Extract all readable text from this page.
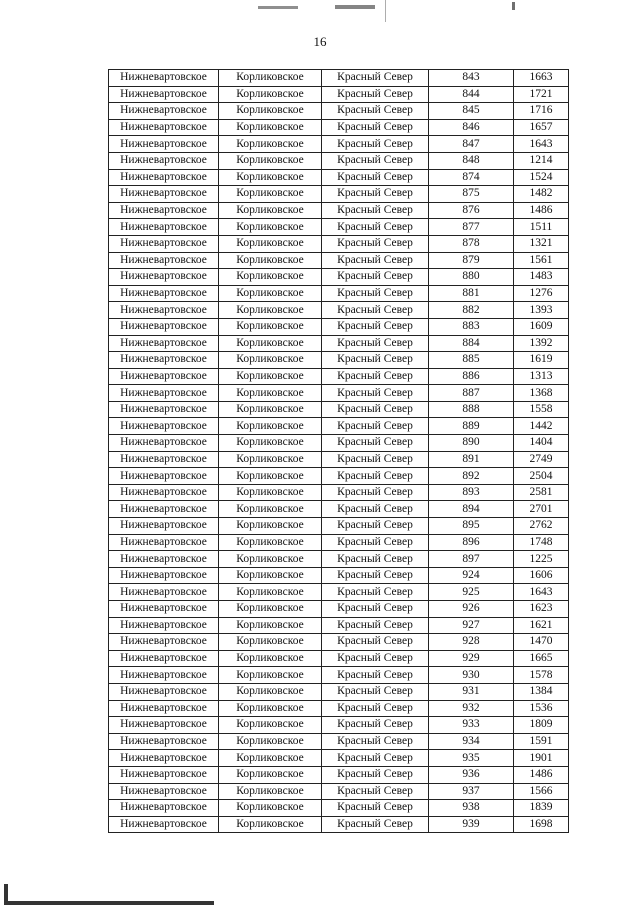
16
Нижневартовское	Корликовское	Красный Север	843	1663
Нижневартовское	Корликовское	Красный Север	844	1721
Нижневартовское	Корликовское	Красный Север	845	1716
Нижневартовское	Корликовское	Красный Север	846	1657
Нижневартовское	Корликовское	Красный Север	847	1643
Нижневартовское	Корликовское	Красный Север	848	1214
Нижневартовское	Корликовское	Красный Север	874	1524
Нижневартовское	Корликовское	Красный Север	875	1482
Нижневартовское	Корликовское	Красный Север	876	1486
Нижневартовское	Корликовское	Красный Север	877	1511
Нижневартовское	Корликовское	Красный Север	878	1321
Нижневартовское	Корликовское	Красный Север	879	1561
Нижневартовское	Корликовское	Красный Север	880	1483
Нижневартовское	Корликовское	Красный Север	881	1276
Нижневартовское	Корликовское	Красный Север	882	1393
Нижневартовское	Корликовское	Красный Север	883	1609
Нижневартовское	Корликовское	Красный Север	884	1392
Нижневартовское	Корликовское	Красный Север	885	1619
Нижневартовское	Корликовское	Красный Север	886	1313
Нижневартовское	Корликовское	Красный Север	887	1368
Нижневартовское	Корликовское	Красный Север	888	1558
Нижневартовское	Корликовское	Красный Север	889	1442
Нижневартовское	Корликовское	Красный Север	890	1404
Нижневартовское	Корликовское	Красный Север	891	2749
Нижневартовское	Корликовское	Красный Север	892	2504
Нижневартовское	Корликовское	Красный Север	893	2581
Нижневартовское	Корликовское	Красный Север	894	2701
Нижневартовское	Корликовское	Красный Север	895	2762
Нижневартовское	Корликовское	Красный Север	896	1748
Нижневартовское	Корликовское	Красный Север	897	1225
Нижневартовское	Корликовское	Красный Север	924	1606
Нижневартовское	Корликовское	Красный Север	925	1643
Нижневартовское	Корликовское	Красный Север	926	1623
Нижневартовское	Корликовское	Красный Север	927	1621
Нижневартовское	Корликовское	Красный Север	928	1470
Нижневартовское	Корликовское	Красный Север	929	1665
Нижневартовское	Корликовское	Красный Север	930	1578
Нижневартовское	Корликовское	Красный Север	931	1384
Нижневартовское	Корликовское	Красный Север	932	1536
Нижневартовское	Корликовское	Красный Север	933	1809
Нижневартовское	Корликовское	Красный Север	934	1591
Нижневартовское	Корликовское	Красный Север	935	1901
Нижневартовское	Корликовское	Красный Север	936	1486
Нижневартовское	Корликовское	Красный Север	937	1566
Нижневартовское	Корликовское	Красный Север	938	1839
Нижневартовское	Корликовское	Красный Север	939	1698
